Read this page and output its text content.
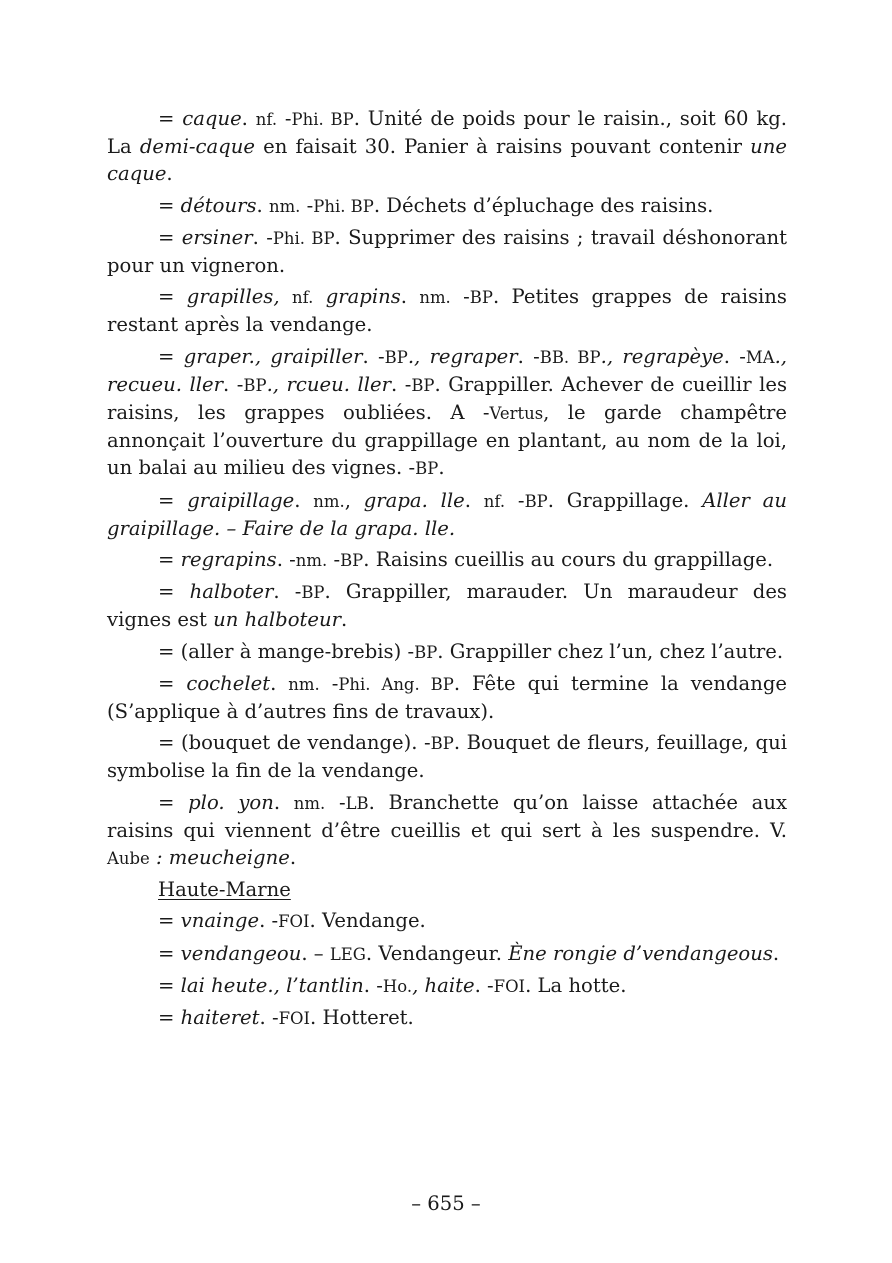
= caque. nf. -Phi. BP. Unité de poids pour le raisin., soit 60 kg. La demi-caque en faisait 30. Panier à raisins pouvant contenir une caque.

= détours. nm. -Phi. BP. Déchets d’épluchage des raisins.

= ersiner. -Phi. BP. Supprimer des raisins ; travail déshonorant pour un vigneron.

= grapilles, nf. grapins. nm. -BP. Petites grappes de raisins restant après la vendange.

= graper., graipiller. -BP., regraper. -BB. BP., regrapèye. -MA., recueu. ller. -BP., rcueu. ller. -BP. Grappiller. Achever de cueillir les raisins, les grappes oubliées. A -Vertus, le garde champêtre annonçait l’ouverture du grappillage en plantant, au nom de la loi, un balai au milieu des vignes. -BP.

= graipillage. nm., grapa. lle. nf. -BP. Grappillage. Aller au graipillage. – Faire de la grapa. lle.

= regrapins. -nm. -BP. Raisins cueillis au cours du grappillage.

= halboter. -BP. Grappiller, marauder. Un maraudeur des vignes est un halboteur.

= (aller à mange-brebis) -BP. Grappiller chez l’un, chez l’autre.

= cochelet. nm. -Phi. Ang. BP. Fête qui termine la vendange (S’applique à d’autres fins de travaux).

= (bouquet de vendange). -BP. Bouquet de fleurs, feuillage, qui symbolise la fin de la vendange.

= plo. yon. nm. -LB. Branchette qu’on laisse attachée aux raisins qui viennent d’être cueillis et qui sert à les suspendre. V. Aube : meucheigne.

Haute-Marne

= vnainge. -FOI. Vendange.

= vendangeou. – LEG. Vendangeur. Ène rongie d’vendangeous.

= lai heute., l’tantlin. -Ho., haite. -FOI. La hotte.

= haiteret. -FOI. Hotteret.

– 655 –
